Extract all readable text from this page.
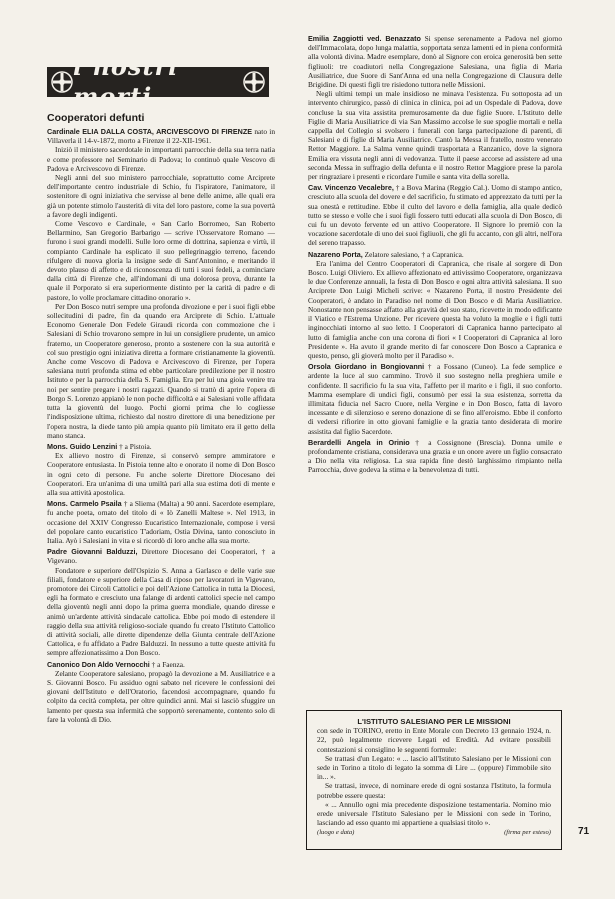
i nostri morti
Cooperatori defunti

Cardinale ELIA DALLA COSTA, ARCIVESCOVO DI FIRENZE nato in Villaverla il 14-v-1872, morto a Firenze il 22-XII-1961.

Iniziò il ministero sacerdotale in importanti parrocchie della sua terra natìa e come professore nel Seminario di Padova; lo continuò quale Vescovo di Padova e Arcivescovo di Firenze.

Negli anni del suo ministero parrocchiale, soprattutto come Arciprete dell'importante centro industriale di Schio, fu l'ispiratore, l'animatore, il sostenitore di ogni iniziativa che servisse al bene delle anime, alle quali era già un potente stimolo l'austerità di vita del loro pastore, come la sua povertà a favore degli indigenti.

Come Vescovo e Cardinale, « San Carlo Borromeo, San Roberto Bellarmino, San Gregorio Barbarigo — scrive l'Osservatore Romano — furono i suoi grandi modelli. Sulle loro orme di dottrina, sapienza e virtù, il compianto Cardinale ha esplicato il suo pellegrinaggio terreno, facendo rifulgere di nuova gloria la insigne sede di Sant'Antonino, e meritando il devoto plauso di affetto e di riconoscenza di tutti i suoi fedeli, a cominciare dalla città di Firenze che, all'indomani di una dolorosa prova, durante la quale il Porporato si era superiormente distinto per la carità di padre e di pastore, lo volle proclamare cittadino onorario ».

Per Don Bosco nutrì sempre una profonda divozione e per i suoi figli ebbe sollecitudini di padre, fin da quando era Arciprete di Schio. L'attuale Economo Generale Don Fedele Giraudi ricorda con commozione che i Salesiani di Schio trovarono sempre in lui un consigliere prudente, un amico fraterno, un Cooperatore generoso, pronto a sostenere con la sua autorità e col suo prestigio ogni iniziativa diretta a formare cristianamente la gioventù. Anche come Vescovo di Padova e Arcivescovo di Firenze, per l'opera salesiana nutrì profonda stima ed ebbe particolare predilezione per il nostro Istituto e per la parrocchia della S. Famiglia. Era per lui una gioia venire tra noi per sentire pregare i nostri ragazzi. Quando si trattò di aprire l'opera di Borgo S. Lorenzo appianò le non poche difficoltà e ai Salesiani volle affidata tutta la gioventù del luogo. Pochi giorni prima che lo cogliesse l'indisposizione ultima, richiesto dal nostro direttore di una benedizione per l'opera nostra, la diede tanto più ampia quanto più limitato era il getto della mano stanca.

Mons. Guido Lenzini † a Pistoia.

Ex allievo nostro di Firenze, si conservò sempre ammiratore e Cooperatore entusiasta. In Pistoia tenne alto e onorato il nome di Don Bosco in ogni ceto di persone. Fu anche solerte Direttore Diocesano dei Cooperatori. Era un'anima di una umiltà pari alla sua estima doti di mente e alla sua attività apostolica.

Mons. Carmelo Psaila † a Sliema (Malta) a 90 anni. Sacerdote esemplare, fu anche poeta, ornato del titolo di « Iò Zanelli Maltese ». Nel 1913, in occasione del XXIV Congresso Eucaristico Internazionale, compose i versi del popolare canto eucaristico T'adoriam, Ostia Divina, tanto conosciuto in Italia. Ayò i Salesiani in vita e si ricordò di loro anche alla sua morte.

Padre Giovanni Balduzzi, Direttore Diocesano dei Cooperatori, † a Vigevano.

Fondatore e superiore dell'Ospizio S. Anna a Garlasco e delle varie sue filiali, fondatore e superiore della Casa di riposo per lavoratori in Vigevano, promotore dei Circoli Cattolici e poi dell'Azione Cattolica in tutta la Diocesi, egli ha formato e cresciuto una falange di ardenti cattolici specie nel campo della gioventù negli anni dopo la prima guerra mondiale, quando diresse e animò un'ardente attività sindacale cattolica. Ebbe poi modo di estendere il raggio della sua attività religioso-sociale quando fu creato l'Istituto Cattolico di attività sociali, alle dirette dipendenze della Giunta centrale dell'Azione Cattolica, e fu affidato a Padre Balduzzi. In nessuno a tutte queste attività fu sempre affezionatissimo a Don Bosco.

Canonico Don Aldo Vernocchi † a Faenza.

Zelante Cooperatore salesiano, propagò la devozione a M. Ausiliatrice e a S. Giovanni Bosco. Fu assiduo ogni sabato nel ricevere le confessioni dei giovani dell'Istituto e dell'Oratorio, facendosi accompagnare, quando fu colpito da cecità completa, per oltre quindici anni. Mai si lasciò sfuggire un lamento per questa sua infermità che sopportò serenamente, contento solo di fare la volontà di Dio.

Emilia Zaggiotti ved. Benazzato Si spense serenamente a Padova nel giorno dell'Immacolata, dopo lunga malattia, sopportata senza lamenti ed in piena conformità alla volontà divina. Madre esemplare, donò al Signore con eroica generosità ben sette figliuoli: tre coadiutori nella Congregazione Salesiana, una figlia di Maria Ausiliatrice, due Suore di Sant'Anna ed una nella Congregazione di Clausura delle Brigidine. Di questi figli tre risiedono tuttora nelle Missioni.

Negli ultimi tempi un male insidioso ne minava l'esistenza. Fu sottoposta ad un intervento chirurgico, passò di clinica in clinica, poi ad un Ospedale di Padova, dove concluse la sua vita assistita premurosamente da due figlie Suore. L'Istituto delle Figlie di Maria Ausiliatrice di via San Massimo accolse le sue spoglie mortali e nella cappella del Collegio si svolsero i funerali con larga partecipazione di parenti, di Salesiani e di figlie di Maria Ausiliatrice. Cantò la Messa il fratello, nostro venerato Rettor Maggiore. La Salma venne quindi trasportata a Ranzanico, dove la signora Emilia era vissuta negli anni di vedovanza. Tutte il paese accorse ad assistere ad una seconda Messa in suffragio della defunta e il nostro Rettor Maggiore prese la parola per ringraziare i presenti e ricordare l'umile e santa vita della sorella.

Cav. Vincenzo Vecalebre, † a Bova Marina (Reggio Cal.). Uomo di stampo antico, cresciuto alla scuola del dovere e del sacrificio, fu stimato ed apprezzato da tutti per la sua onestà e rettitudine. Ebbe il culto del lavoro e della famiglia, alla quale dedicò tutto se stesso e volle che i suoi figli fossero tutti educati alla scuola di Don Bosco, di cui fu un devoto fervente ed un attivo Cooperatore. Il Signore lo premiò con la vocazione sacerdotale di uno dei suoi figliuoli, che gli fu accanto, con gli altri, nell'ora del sereno trapasso.

Nazareno Porta, Zelatore salesiano, † a Capranica.

Era l'anima del Centro Cooperatori di Capranica, che risale al sorgere di Don Bosco. Luigi Oliviero. Ex allievo affezionato ed attivissimo Cooperatore, organizzava le due Conferenze annuali, la festa di Don Bosco e ogni altra attività salesiana. Il suo Arciprete Don Luigi Micheli scrive: « Nazareno Porta, il nostro Presidente dei Cooperatori, è andato in Paradiso nel nome di Don Bosco e di Maria Ausiliatrice. Nonostante non pensasse affatto alla gravità del suo stato, ricevette in modo edificante il Viatico e l'Estrema Unzione. Per ricevere questa ha voluto la moglie e i figli tutti inginocchiati intorno al suo letto. I Cooperatori di Capranica hanno partecipato al lutto di famiglia anche con una corona di fiori « I Cooperatori di Capranica al loro Presidente ». Ha avuto il grande merito di far conoscere Don Bosco a Capranica e questo, penso, gli gioverà molto per il Paradiso ».

Orsola Giordano in Bongiovanni † a Fossano (Cuneo). La fede semplice e ardente la luce al suo cammino. Trovò il suo sostegno nella preghiera umile e confidente. Il sacrificio fu la sua vita, l'affetto per il marito e i figli, il suo conforto. Mamma esemplare di undici figli, consumò per essi la sua esistenza, sorretta da illimitata fiducia nel Sacro Cuore, nella Vergine e in Don Bosco, fatta di lavoro incessante e di silenzioso e sereno donazione di se fino all'eroismo. Ebbe il conforto di vedersi rifiorire in otto giovani famiglie e la grazia tanto desiderata di morire assistita dal figlio Sacerdote.

Berardelli Angela in Orinio † a Cossignone (Brescia). Donna umile e profondamente cristiana, considerava una grazia e un onore avere un figlio consacrato a Dio nella vita religiosa. La sua rapida fine destò larghissimo rimpianto nella Parrocchia, dove godeva la stima e la benevolenza di tutti.

L'ISTITUTO SALESIANO PER LE MISSIONI

con sede in TORINO, eretto in Ente Morale con Decreto 13 gennaio 1924, n. 22, può legalmente ricevere Legati ed Eredità. Ad evitare possibili contestazioni si consiglino le seguenti formule:

Se trattasi d'un Legato: « ... lascio all'Istituto Salesiano per le Missioni con sede in Torino a titolo di legato la somma di Lire ... (oppure) l'immobile sito in... ».

Se trattasi, invece, di nominare erede di ogni sostanza l'Istituto, la formula potrebbe essere questa:

« ... Annullo ogni mia precedente disposizione testamentaria. Nomino mio erede universale l'Istituto Salesiano per le Missioni con sede in Torino, lasciando ad esso quanto mi appartiene a qualsiasi titolo ».

(luogo e data)	(firma per esteso)	71
